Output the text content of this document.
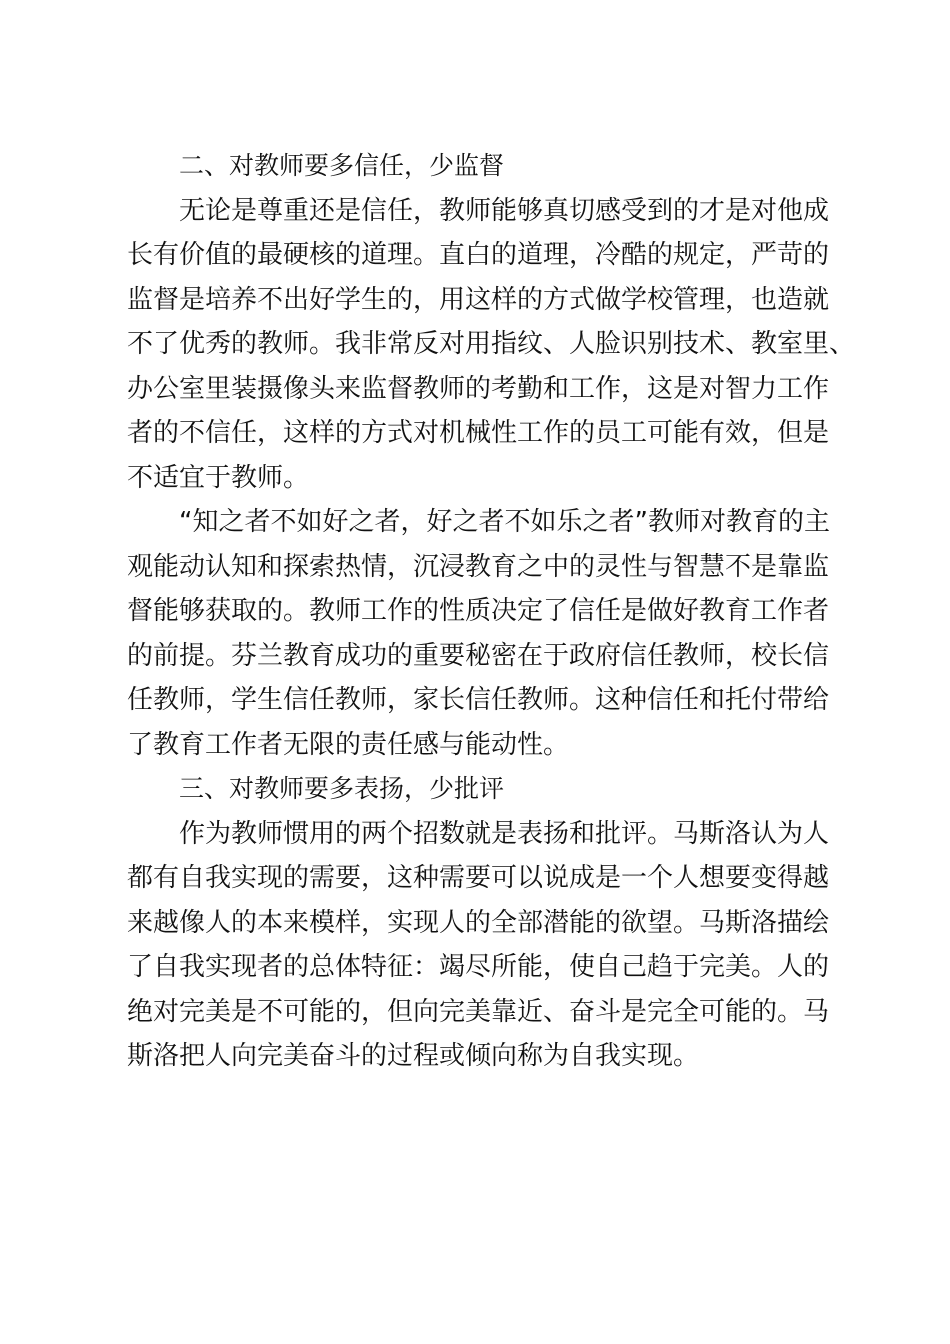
二、对教师要多信任，少监督

无论是尊重还是信任，教师能够真切感受到的才是对他成
长有价值的最硬核的道理。直白的道理，冷酷的规定，严苛的
监督是培养不出好学生的，用这样的方式做学校管理，也造就
不了优秀的教师。我非常反对用指纹、人脸识别技术、教室里、
办公室里装摄像头来监督教师的考勤和工作，这是对智力工作
者的不信任，这样的方式对机械性工作的员工可能有效，但是
不适宜于教师。

“知之者不如好之者，好之者不如乐之者”教师对教育的主
观能动认知和探索热情，沉浸教育之中的灵性与智慧不是靠监
督能够获取的。教师工作的性质决定了信任是做好教育工作者
的前提。芬兰教育成功的重要秘密在于政府信任教师，校长信
任教师，学生信任教师，家长信任教师。这种信任和托付带给
了教育工作者无限的责任感与能动性。

三、对教师要多表扬，少批评

作为教师惯用的两个招数就是表扬和批评。马斯洛认为人
都有自我实现的需要，这种需要可以说成是一个人想要变得越
来越像人的本来模样，实现人的全部潜能的欲望。马斯洛描绘
了自我实现者的总体特征：竭尽所能，使自己趋于完美。人的
绝对完美是不可能的，但向完美靠近、奋斗是完全可能的。马
斯洛把人向完美奋斗的过程或倾向称为自我实现。
